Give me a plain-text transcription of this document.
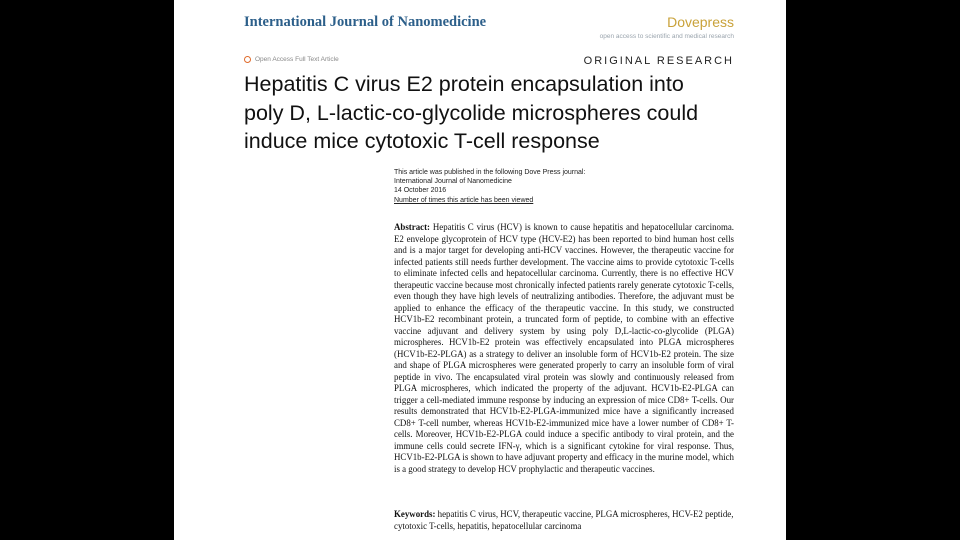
International Journal of Nanomedicine	Dovepress
open access to scientific and medical research
Open Access Full Text Article	ORIGINAL RESEARCH
Hepatitis C virus E2 protein encapsulation into
poly D, L-lactic-co-glycolide microspheres could
induce mice cytotoxic T-cell response
This article was published in the following Dove Press journal:
International Journal of Nanomedicine
14 October 2016
Number of times this article has been viewed

Abstract: Hepatitis C virus (HCV) is known to cause hepatitis and hepatocellular carcinoma. E2 envelope glycoprotein of HCV type (HCV-E2) has been reported to bind human host cells and is a major target for developing anti-HCV vaccines. However, the therapeutic vaccine for infected patients still needs further development. The vaccine aims to provide cytotoxic T-cells to eliminate infected cells and hepatocellular carcinoma. Currently, there is no effective HCV therapeutic vaccine because most chronically infected patients rarely generate cytotoxic T-cells, even though they have high levels of neutralizing antibodies. Therefore, the adjuvant must be applied to enhance the efficacy of the therapeutic vaccine. In this study, we constructed HCV1b-E2 recombinant protein, a truncated form of peptide, to combine with an effective vaccine adjuvant and delivery system by using poly D,L-lactic-co-glycolide (PLGA) microspheres. HCV1b-E2 protein was effectively encapsulated into PLGA microspheres (HCV1b-E2-PLGA) as a strategy to deliver an insoluble form of HCV1b-E2 protein. The size and shape of PLGA microspheres were generated properly to carry an insoluble form of viral peptide in vivo. The encapsulated viral protein was slowly and continuously released from PLGA microspheres, which indicated the property of the adjuvant. HCV1b-E2-PLGA can trigger a cell-mediated immune response by inducing an expression of mice CD8+ T-cells. Our results demonstrated that HCV1b-E2-PLGA-immunized mice have a significantly increased CD8+ T-cell number, whereas HCV1b-E2-immunized mice have a lower number of CD8+ T-cells. Moreover, HCV1b-E2-PLGA could induce a specific antibody to viral protein, and the immune cells could secrete IFN-γ, which is a significant cytokine for viral response. Thus, HCV1b-E2-PLGA is shown to have adjuvant property and efficacy in the murine model, which is a good strategy to develop HCV prophylactic and therapeutic vaccines.

Keywords: hepatitis C virus, HCV, therapeutic vaccine, PLGA microspheres, HCV-E2 peptide, cytotoxic T-cells, hepatitis, hepatocellular carcinoma
